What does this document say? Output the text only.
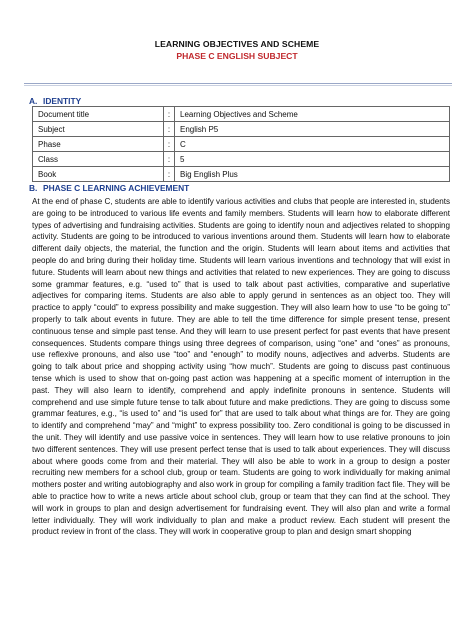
LEARNING OBJECTIVES AND SCHEME
PHASE C ENGLISH SUBJECT
A. IDENTITY
Document title	:	Learning Objectives and Scheme
Subject	:	English P5
Phase	:	C
Class	:	5
Book	:	Big English Plus
B. PHASE C LEARNING ACHIEVEMENT

At the end of phase C, students are able to identify various activities and clubs that people are interested in, students are going to be introduced to various life events and family members. Students will learn how to elaborate different types of advertising and fundraising activities. Students are going to identify noun and adjectives related to shopping activity. Students are going to be introduced to various inventions around them. Students will learn how to elaborate different daily objects, the material, the function and the origin. Students will learn about items and activities that people do and bring during their holiday time. Students will learn various inventions and technology that will exist in future. Students will learn about new things and activities that related to new experiences. They are going to discuss some grammar features, e.g. “used to” that is used to talk about past activities, comparative and superlative adjectives for comparing items. Students are also able to apply gerund in sentences as an object too. They will practice to apply “could” to express possibility and make suggestion. They will also learn how to use “to be going to” properly to talk about events in future. They are able to tell the time difference for simple present tense, present continuous tense and simple past tense. And they will learn to use present perfect for past events that have present consequences. Students compare things using three degrees of comparison, using “one” and “ones” as pronouns, use reflexive pronouns, and also use “too” and “enough” to modify nouns, adjectives and adverbs. Students are going to talk about price and shopping activity using “how much”. Students are going to discuss past continuous tense which is used to show that on-going past action was happening at a specific moment of interruption in the past. They will also learn to identify, comprehend and apply indefinite pronouns in sentence. Students will comprehend and use simple future tense to talk about future and make predictions. They are going to discuss some grammar features, e.g., “is used to” and “is used for” that are used to talk about what things are for. They are going to identify and comprehend “may” and “might” to express possibility too. Zero conditional is going to be discussed in the unit. They will identify and use passive voice in sentences. They will learn how to use relative pronouns to join two different sentences. They will use present perfect tense that is used to talk about experiences. They will discuss about where goods come from and their material. They will also be able to work in a group to design a poster recruiting new members for a school club, group or team. Students are going to work individually for making animal mothers poster and writing autobiography and also work in group for compiling a family tradition fact file. They will be able to practice how to write a news article about school club, group or team that they can find at the school. They will work in groups to plan and design advertisement for fundraising event. They will also plan and write a formal letter individually. They will work individually to plan and make a product review. Each student will present the product review in front of the class. They will work in cooperative group to plan and design smart shopping
